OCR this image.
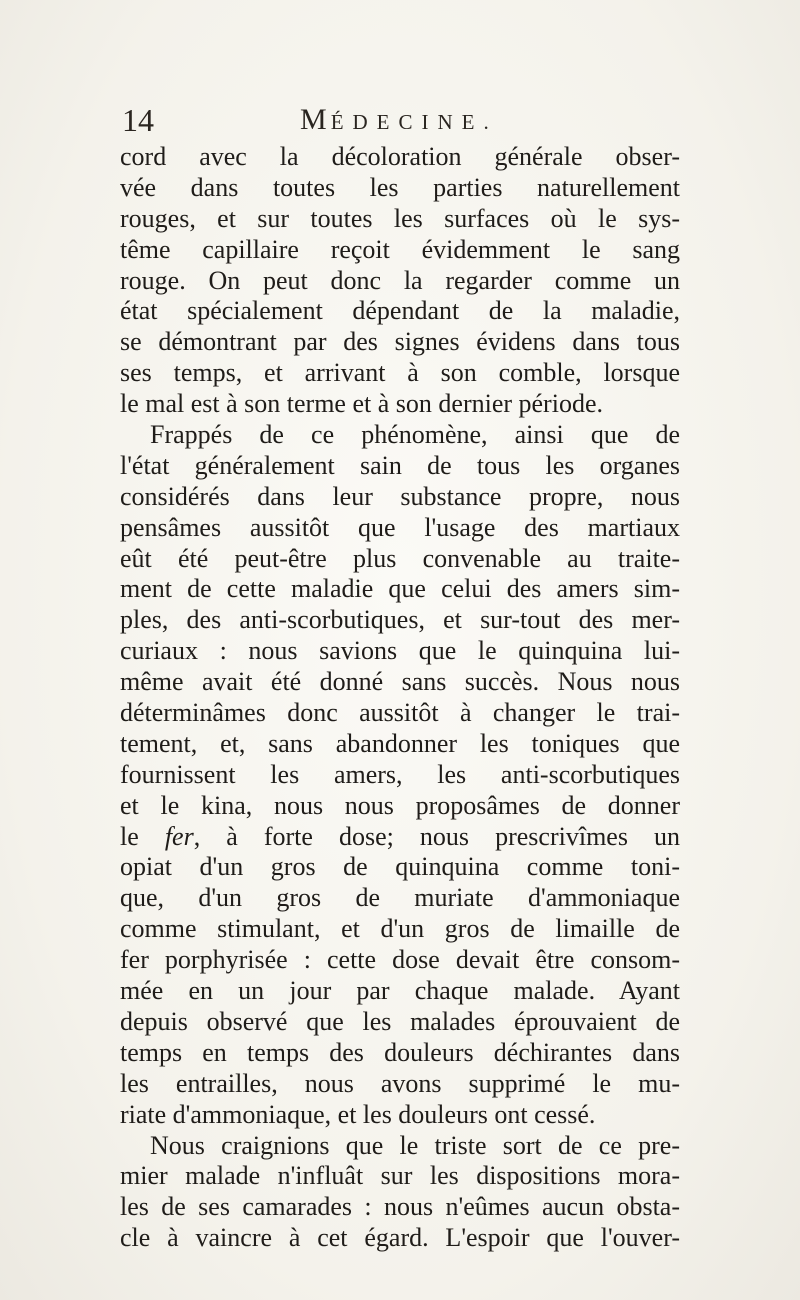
14	MÉDECINE.
cord avec la décoloration générale obser-
vée dans toutes les parties naturellement
rouges, et sur toutes les surfaces où le sys-
tême capillaire reçoit évidemment le sang
rouge. On peut donc la regarder comme un
état spécialement dépendant de la maladie,
se démontrant par des signes évidens dans tous
ses temps, et arrivant à son comble, lorsque
le mal est à son terme et à son dernier période.
Frappés de ce phénomène, ainsi que de
l'état généralement sain de tous les organes
considérés dans leur substance propre, nous
pensâmes aussitôt que l'usage des martiaux
eût été peut-être plus convenable au traite-
ment de cette maladie que celui des amers sim-
ples, des anti-scorbutiques, et sur-tout des mer-
curiaux : nous savions que le quinquina lui-
même avait été donné sans succès. Nous nous
déterminâmes donc aussitôt à changer le trai-
tement, et, sans abandonner les toniques que
fournissent les amers, les anti-scorbutiques
et le kina, nous nous proposâmes de donner
le fer, à forte dose; nous prescrivîmes un
opiat d'un gros de quinquina comme toni-
que, d'un gros de muriate d'ammoniaque
comme stimulant, et d'un gros de limaille de
fer porphyrisée : cette dose devait être consom-
mée en un jour par chaque malade. Ayant
depuis observé que les malades éprouvaient de
temps en temps des douleurs déchirantes dans
les entrailles, nous avons supprimé le mu-
riate d'ammoniaque, et les douleurs ont cessé.
Nous craignions que le triste sort de ce pre-
mier malade n'influât sur les dispositions mora-
les de ses camarades : nous n'eûmes aucun obsta-
cle à vaincre à cet égard. L'espoir que l'ouver-
